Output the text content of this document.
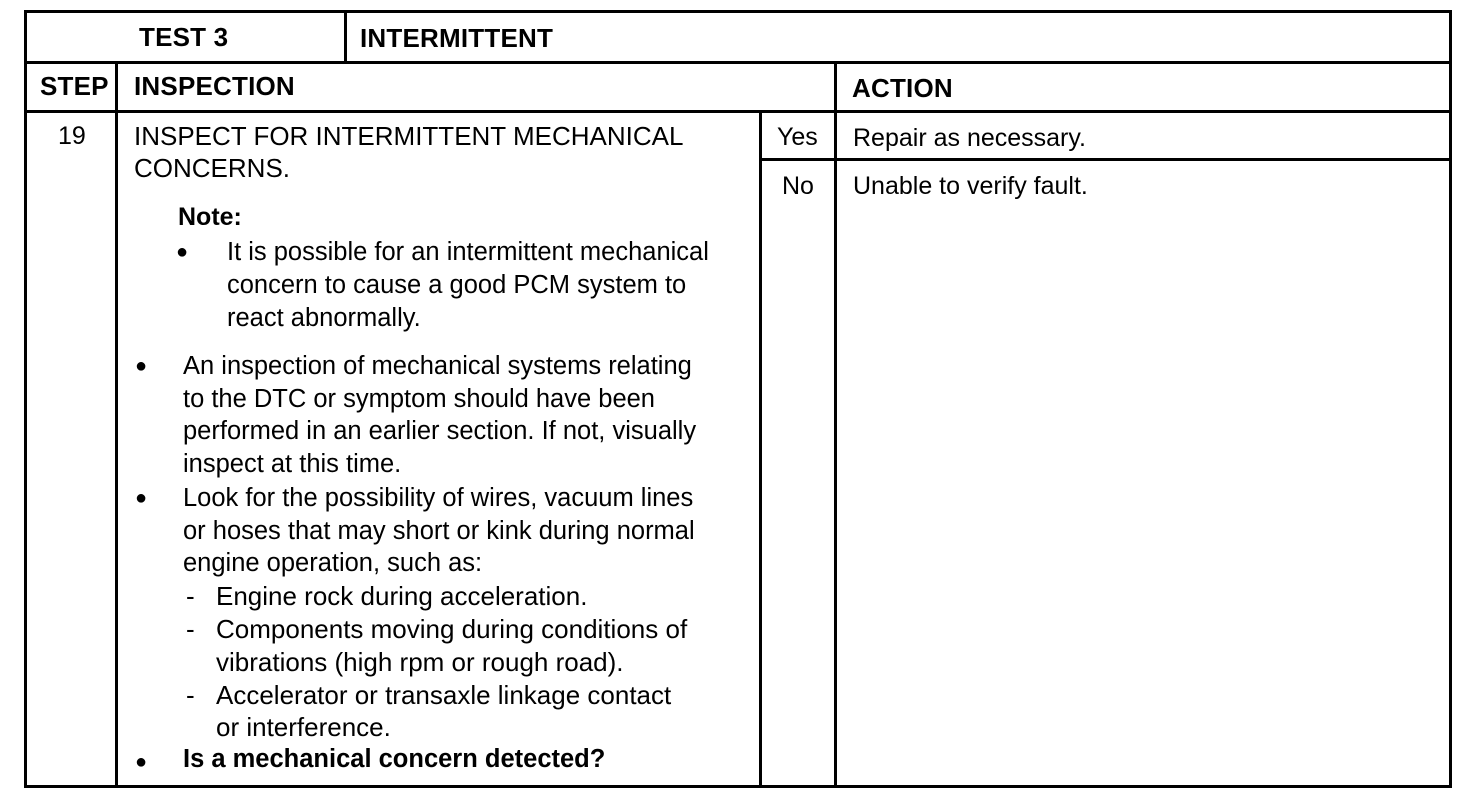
TEST 3	INTERMITTENT
STEP INSPECTION	ACTION
19 INSPECT FOR INTERMITTENT MECHANICAL
CONCERNS.
Note:
● It is possible for an intermittent mechanical
concern to cause a good PCM system to
react abnormally.
● An inspection of mechanical systems relating
to the DTC or symptom should have been
performed in an earlier section. If not, visually
inspect at this time.
● Look for the possibility of wires, vacuum lines
or hoses that may short or kink during normal
engine operation, such as:
- Engine rock during acceleration.
- Components moving during conditions of
vibrations (high rpm or rough road).
- Accelerator or transaxle linkage contact
or interference.
● Is a mechanical concern detected?
Yes Repair as necessary.
No Unable to verify fault.
